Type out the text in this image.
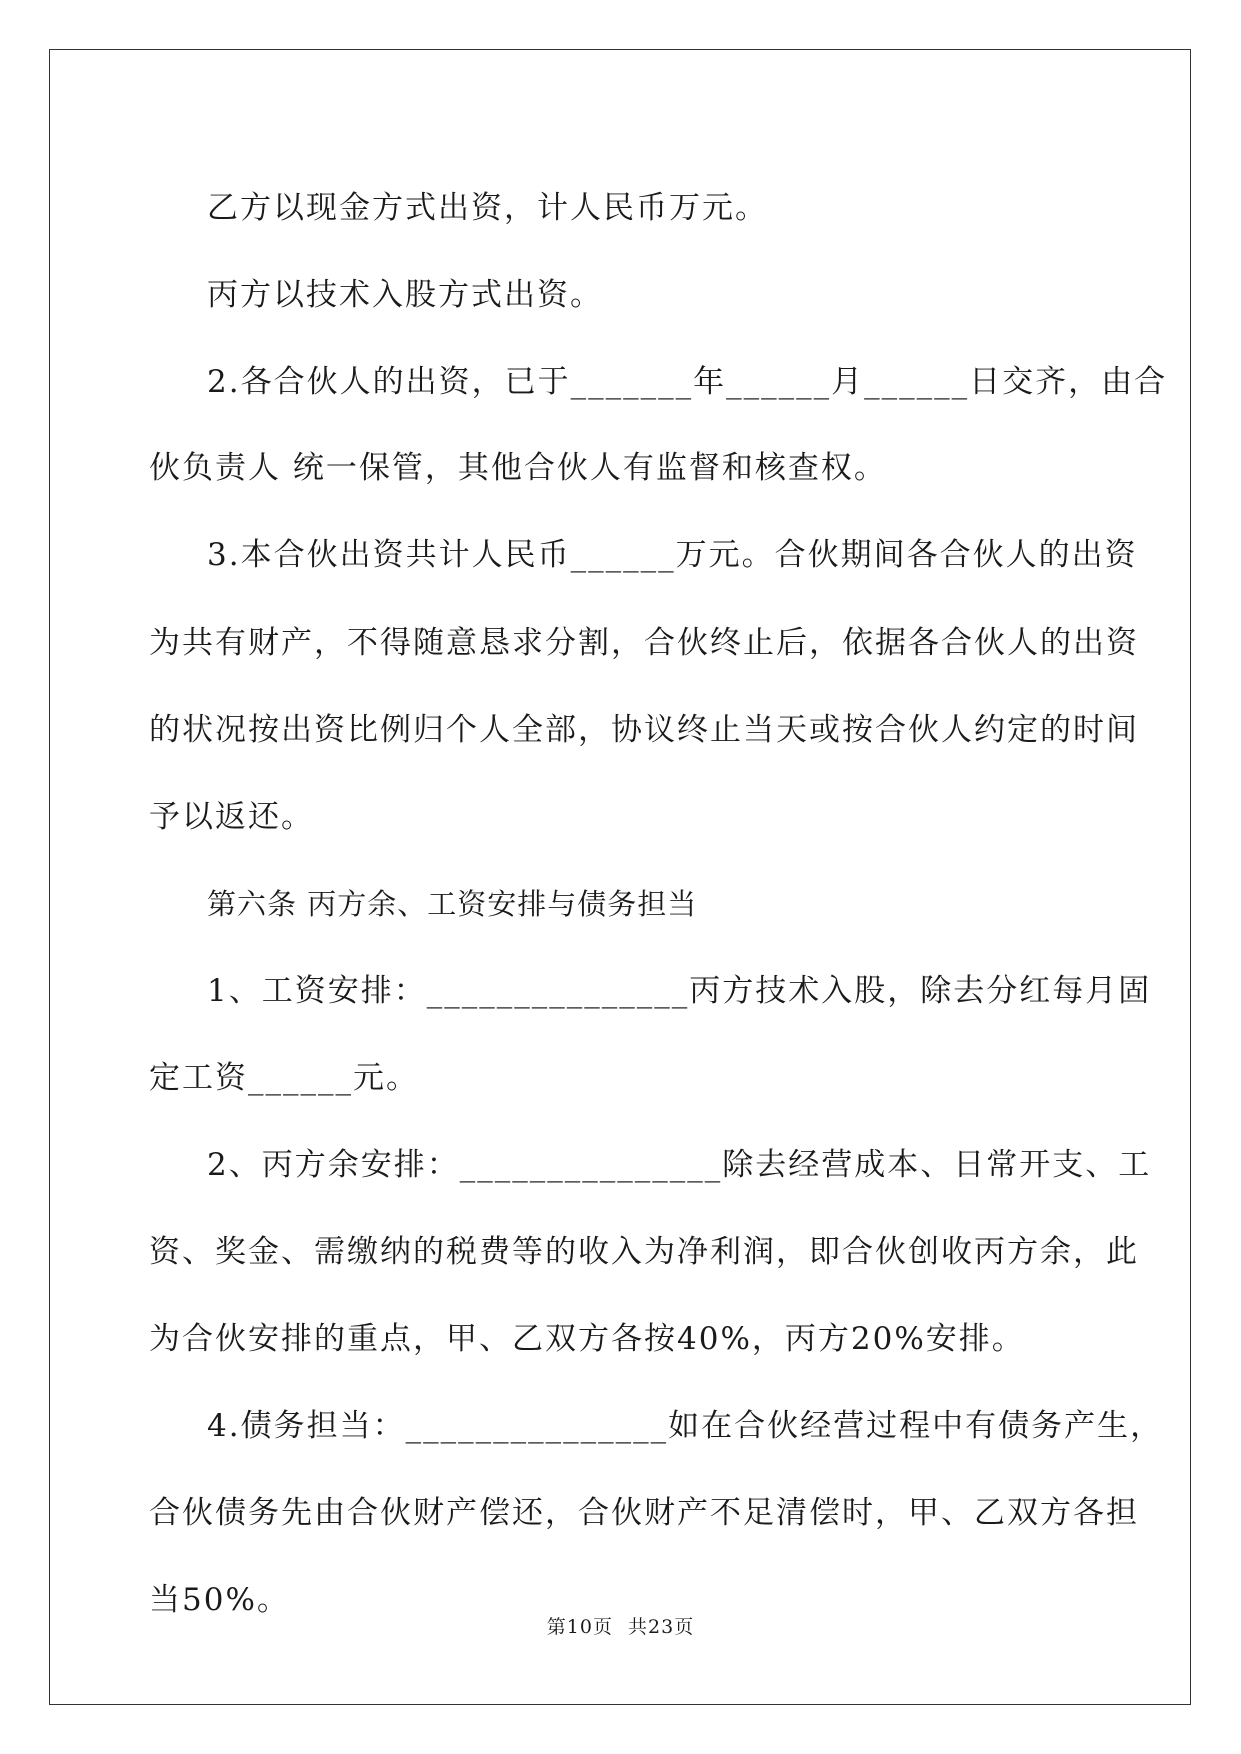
乙方以现金方式出资，计人民币万元。

丙方以技术入股方式出资。

2.各合伙人的出资，已于_______年______月______日交齐，由合

伙负责人 统一保管，其他合伙人有监督和核查权。

3.本合伙出资共计人民币______万元。合伙期间各合伙人的出资

为共有财产，不得随意恳求分割，合伙终止后，依据各合伙人的出资

的状况按出资比例归个人全部，协议终止当天或按合伙人约定的时间

予以返还。

第六条 丙方余、工资安排与债务担当

1、工资安排：_______________丙方技术入股，除去分红每月固

定工资______元。

2、丙方余安排：_______________除去经营成本、日常开支、工

资、奖金、需缴纳的税费等的收入为净利润，即合伙创收丙方余，此

为合伙安排的重点，甲、乙双方各按40%，丙方20%安排。

4.债务担当：_______________如在合伙经营过程中有债务产生，

合伙债务先由合伙财产偿还，合伙财产不足清偿时，甲、乙双方各担

当50%。

第10页 共23页
